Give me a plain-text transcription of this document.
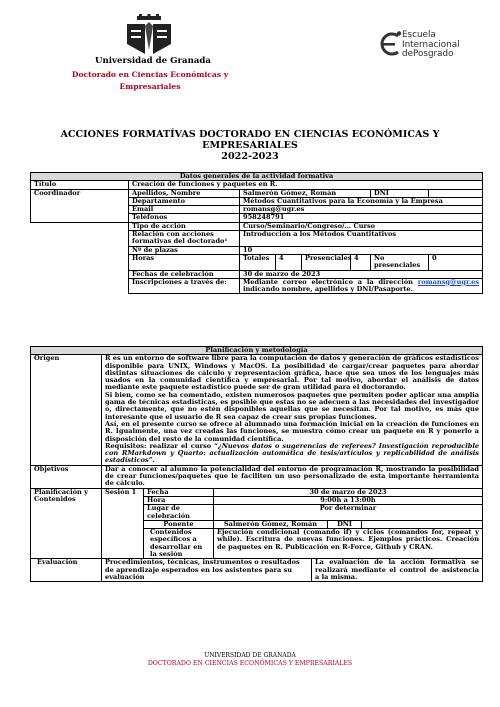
Universidad de Granada
Doctorado en Ciencias Económicas y
Empresariales
Escuela
Internacional
dePosgrado
ACCIONES FORMATÍVAS DOCTORADO EN CIENCIAS ECONÓMICAS Y
EMPRESARIALES
2022-2023
Datos generales de la actividad formativa							
Título	Creación de funciones y paquetes en R.						
Coordinador	Apellidos, Nombre	Salmerón Gómez, Román				DNI	
	Departamento	Métodos Cuantitativos para la Economía y la Empresa					
	Email	romansg@ugr.es					
	Teléfonos	958248791					
	Tipo de acción	Curso/Seminario/Congreso/… Curso					
	Relación con acciones formativas del doctorado¹	Introducción a los Métodos Cuantitativos					
	Nº de plazas	10					
	Horas	Totales	4	Presenciales	4	No presenciales	0
	Fechas de celebración	30 de marzo de 2023					
	Inscripciones a través de:	Mediante correo electrónico a la dirección romansg@ugr.es indicando nombre, apellidos y DNI/Pasaporte.					
Planificación y metodología						
Origen	R es un entorno de software libre para la computación de datos y generación de gráficos estadísticos disponible para UNIX, Windows y MacOS. La posibilidad de cargar/crear paquetes para abordar distintas situaciones de cálculo y representación gráfica, hace que sea unos de los lenguajes más usados en la comunidad científica y empresarial. Por tal motivo, abordar el análisis de datos mediante este paquete estadístico puede ser de gran utilidad para el doctorando.
Si bien, como se ha comentado, existen numerosos paquetes que permiten poder aplicar una amplia gama de técnicas estadísticas, es posible que estas no se adecuen a las necesidades del investigador o, directamente, que no estén disponibles aquellas que se necesitan. Por tal motivo, es más que interesante que el usuario de R sea capaz de crear sus propias funciones.
Así, en el presente curso se ofrece al alumnado una formación inicial en la creación de funciones en R. Igualmente, una vez creadas las funciones, se muestra cómo crear un paquete en R y ponerlo a disposición del resto de la comunidad científica.
Requisitos: realizar el curso “¿Nuevos datos o sugerencias de referees? Investigación reproducible con RMarkdown y Quarto: actualización automática de tesis/artículos y replicabilidad de análisis estadísticos”.					

Objetivos	Dar a conocer al alumno la potencialidad del entorno de programación R, mostrando la posibilidad de crear funciones/paquetes que le faciliten un uso personalizado de esta importante herramienta de cálculo.					
Planificación y Contenidos	Sesión 1	Fecha	30 de marzo de 2023			
		Hora	9:00h a 13:00h			
		Lugar de celebración	Por determinar			
		Ponente	Salmerón Gómez, Román		DNI	
		Contenidos específicos a desarrollar en la sesión	Ejecución condicional (comando if) y ciclos (comandos for, repeat y while). Escritura de nuevas funciones. Ejemplos prácticos. Creación de paquetes en R. Publicación en R-Force, Github y CRAN.			
Evaluación	Procedimientos, técnicas, instrumentos o resultados de aprendizaje esperados en los asistentes para su evaluación			La evaluación de la acción formativa se realizará mediante el control de asistencia a la misma.		
UNIVERSIDAD DE GRANADA
DOCTORADO EN CIENCIAS ECONÓMICAS Y EMPRESARIALES
